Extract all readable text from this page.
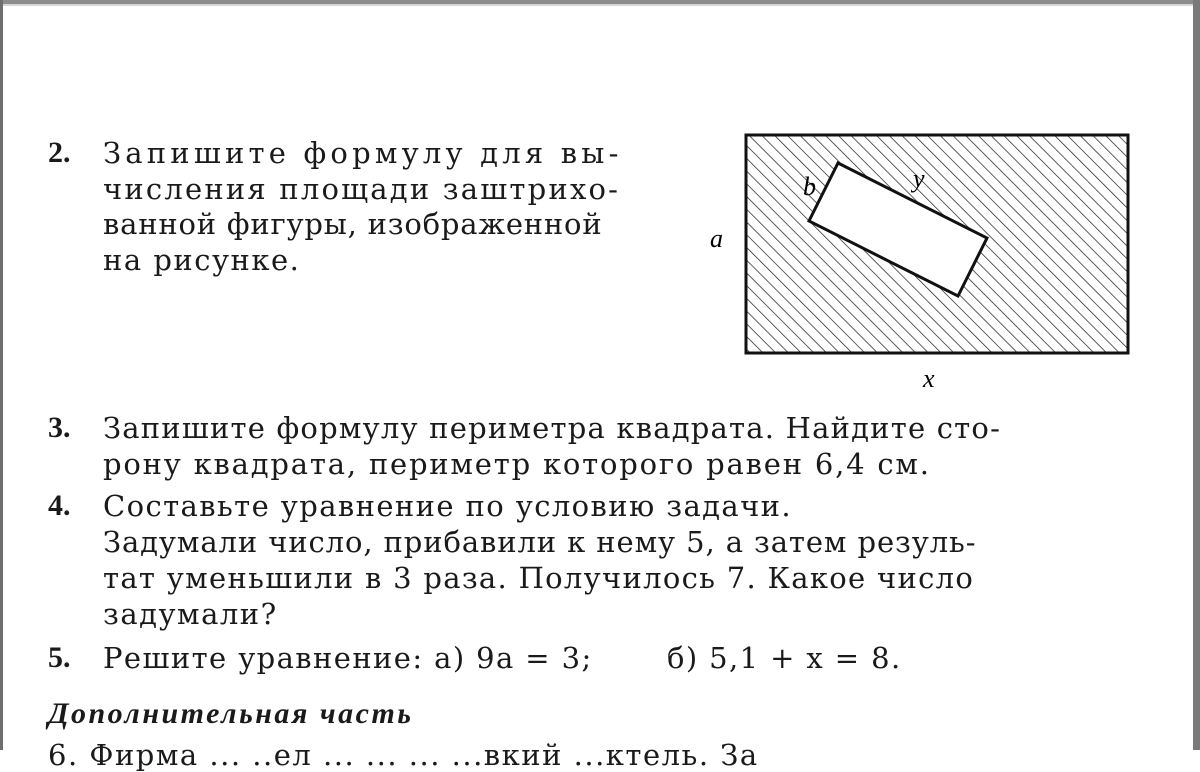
2. Запишите формулу для вы-
числения площади заштрихо-
ванной фигуры, изображенной
на рисунке.
a
x
b	y
3. Запишите формулу периметра квадрата. Найдите сто-
рону квадрата, периметр которого равен 6,4 см.
4. Составьте уравнение по условию задачи.
Задумали число, прибавили к нему 5, а затем резуль-
тат уменьшили в 3 раза. Получилось 7. Какое число
задумали?
5. Решите уравнение: а) 9a = 3;       б) 5,1 + x = 8.
Дополнительная часть
6. Фирма ... ..ел ... ... ... ...вкий ...ктель. За
